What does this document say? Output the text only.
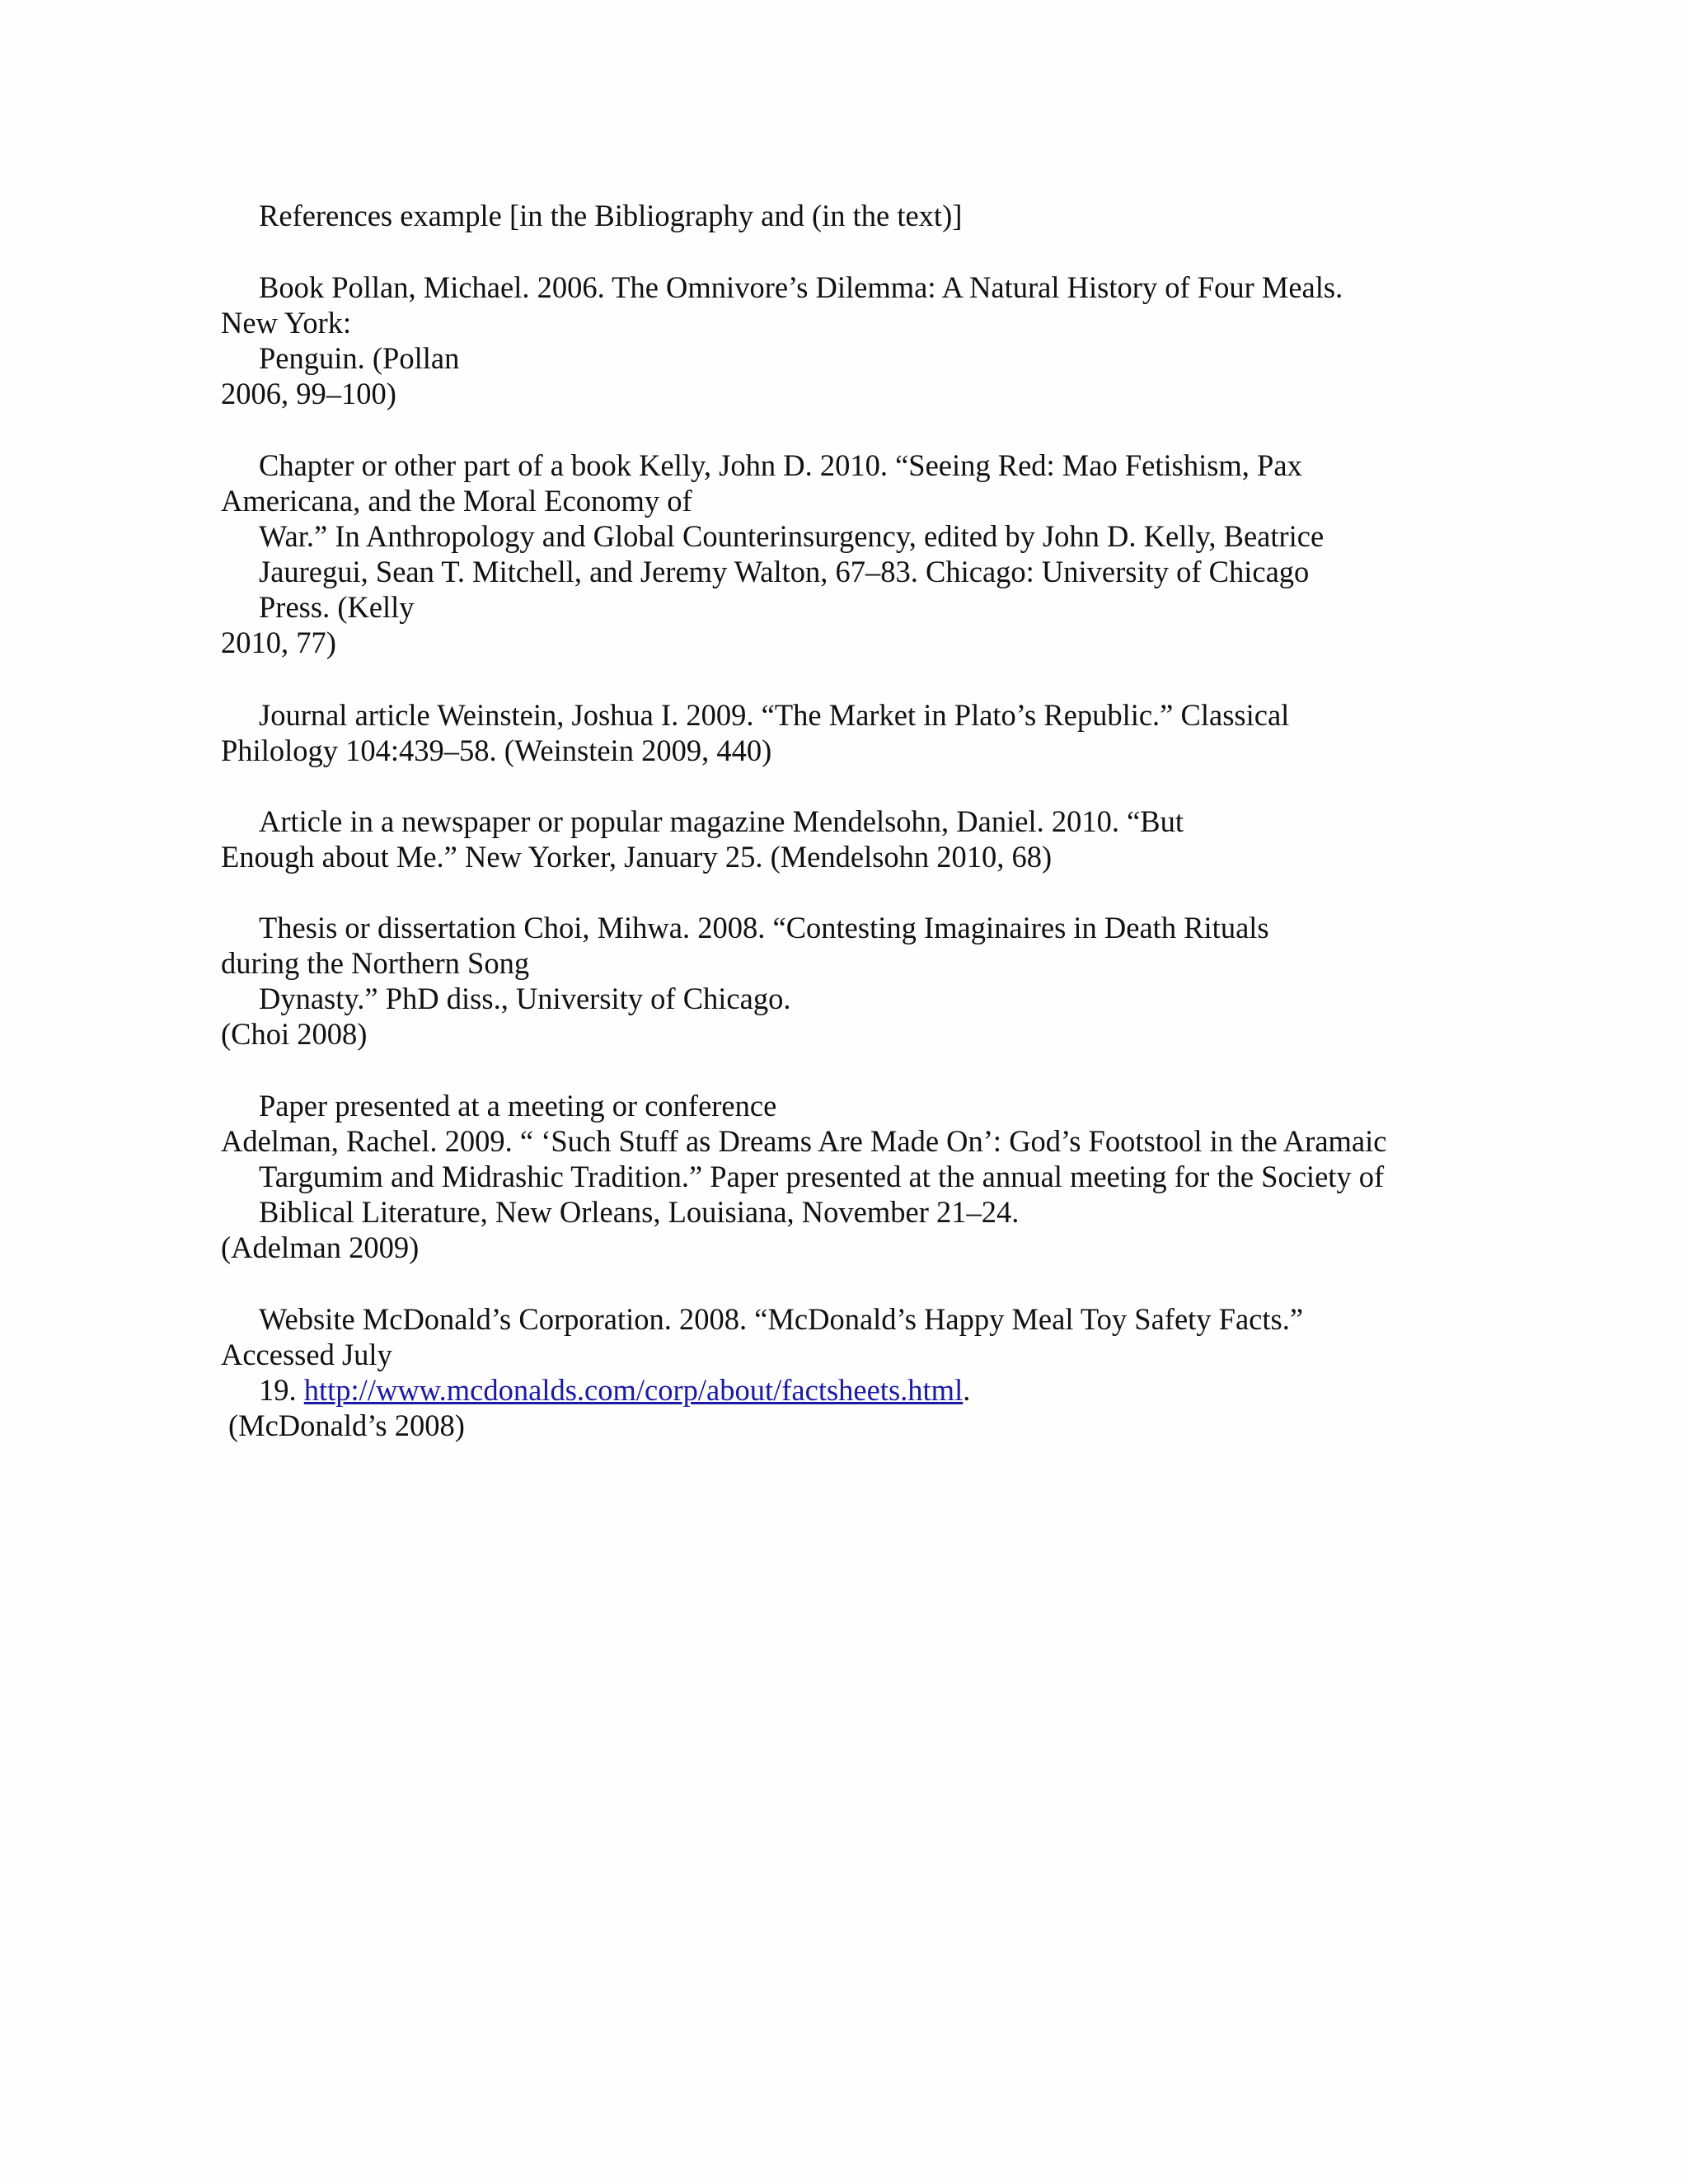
References example [in the Bibliography and (in the text)]

Book Pollan, Michael. 2006. The Omnivore’s Dilemma: A Natural History of Four Meals.

New York:

Penguin. (Pollan

2006, 99–100)

Chapter or other part of a book Kelly, John D. 2010. “Seeing Red: Mao Fetishism, Pax

Americana, and the Moral Economy of

War.” In Anthropology and Global Counterinsurgency, edited by John D. Kelly, Beatrice

Jauregui, Sean T. Mitchell, and Jeremy Walton, 67–83. Chicago: University of Chicago

Press. (Kelly

2010, 77)

Journal article Weinstein, Joshua I. 2009. “The Market in Plato’s Republic.” Classical

Philology 104:439–58. (Weinstein 2009, 440)

Article in a newspaper or popular magazine Mendelsohn, Daniel. 2010. “But

Enough about Me.” New Yorker, January 25. (Mendelsohn 2010, 68)

Thesis or dissertation Choi, Mihwa. 2008. “Contesting Imaginaires in Death Rituals

during the Northern Song

Dynasty.” PhD diss., University of Chicago.

(Choi 2008)

Paper presented at a meeting or conference

Adelman, Rachel. 2009. “ ‘Such Stuff as Dreams Are Made On’: God’s Footstool in the Aramaic

Targumim and Midrashic Tradition.” Paper presented at the annual meeting for the Society of

Biblical Literature, New Orleans, Louisiana, November 21–24.

(Adelman 2009)

Website McDonald’s Corporation. 2008. “McDonald’s Happy Meal Toy Safety Facts.”

Accessed July

19. http://www.mcdonalds.com/corp/about/factsheets.html.

(McDonald’s 2008)
